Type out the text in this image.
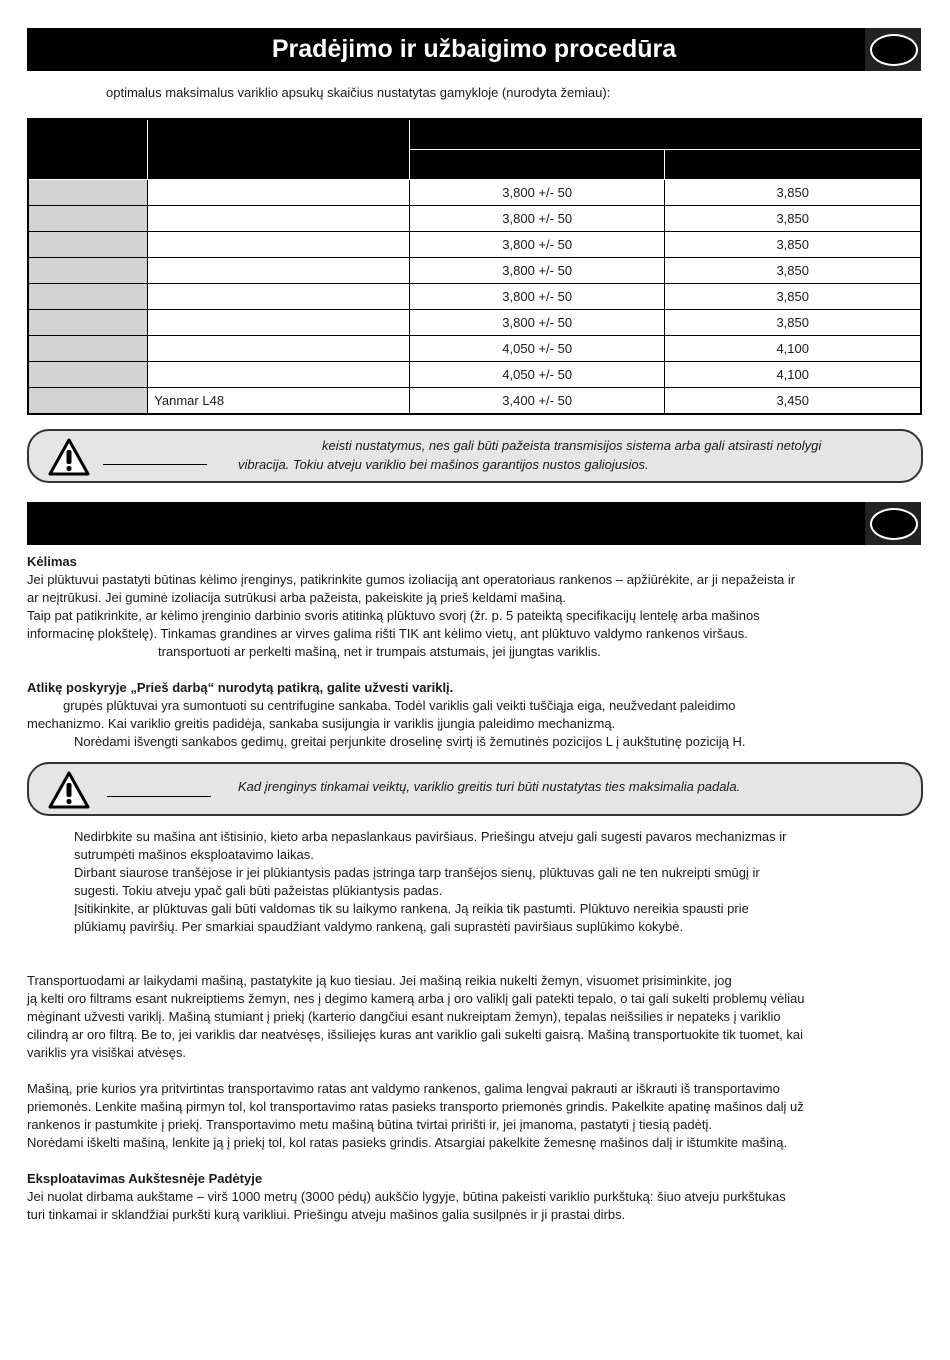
Pradėjimo ir užbaigimo procedūra
optimalus maksimalus variklio apsukų skaičius nustatytas gamykloje (nurodyta žemiau):

		3,800 +/- 50	3,850
		3,800 +/- 50	3,850
		3,800 +/- 50	3,850
		3,800 +/- 50	3,850
		3,800 +/- 50	3,850
		3,800 +/- 50	3,850
		4,050 +/- 50	4,100
		4,050 +/- 50	4,100
	Yanmar L48	3,400 +/- 50	3,450
keisti nustatymus, nes gali būti pažeista transmisijos sistema arba gali atsirasti netolygi
vibracija. Tokiu atveju variklio bei mašinos garantijos nustos galiojusios.
Kėlimas
Jei plūktuvui pastatyti būtinas kėlimo įrenginys, patikrinkite gumos izoliaciją ant operatoriaus rankenos – apžiūrėkite, ar ji nepažeista ir
ar neįtrūkusi. Jei guminė izoliacija sutrūkusi arba pažeista, pakeiskite ją prieš keldami mašiną.
Taip pat patikrinkite, ar kėlimo įrenginio darbinio svoris atitinką plūktuvo svorį (žr. p. 5 pateiktą specifikacijų lentelę arba mašinos
informacinę plokštelę). Tinkamas grandines ar virves galima rišti TIK ant kėlimo vietų, ant plūktuvo valdymo rankenos viršaus.
transportuoti ar perkelti mašiną, net ir trumpais atstumais, jei įjungtas variklis.
Atlikę poskyryje „Prieš darbą“ nurodytą patikrą, galite užvesti variklį.
grupės plūktuvai yra sumontuoti su centrifugine sankaba. Todėl variklis gali veikti tuščiąja eiga, neužvedant paleidimo
mechanizmo. Kai variklio greitis padidėja, sankaba susijungia ir variklis įjungia paleidimo mechanizmą.
Norėdami išvengti sankabos gedimų, greitai perjunkite droselinę svirtį iš žemutinės pozicijos L į aukštutinę poziciją H.
Kad įrenginys tinkamai veiktų, variklio greitis turi būti nustatytas ties maksimalia padala.
Nedirbkite su mašina ant ištisinio, kieto arba nepaslankaus paviršiaus. Priešingu atveju gali sugesti pavaros mechanizmas ir
sutrumpėti mašinos eksploatavimo laikas.
Dirbant siaurose tranšėjose ir jei plūkiantysis padas įstringa tarp tranšėjos sienų, plūktuvas gali ne ten nukreipti smūgį ir
sugesti. Tokiu atveju ypač gali būti pažeistas plūkiantysis padas.
Įsitikinkite, ar plūktuvas gali būti valdomas tik su laikymo rankena. Ją reikia tik pastumti. Plūktuvo nereikia spausti prie
plūkiamų paviršių. Per smarkiai spaudžiant valdymo rankeną, gali suprastėti paviršiaus suplūkimo kokybė.
Transportuodami ar laikydami mašiną, pastatykite ją kuo tiesiau. Jei mašiną reikia nukelti žemyn, visuomet prisiminkite, jog
ją kelti oro filtrams esant nukreiptiems žemyn, nes į degimo kamerą arba į oro valiklį gali patekti tepalo, o tai gali sukelti problemų vėliau
mėginant užvesti variklį. Mašiną stumiant į priekį (karterio dangčiui esant nukreiptam žemyn), tepalas neišsilies ir nepateks į variklio
cilindrą ar oro filtrą. Be to, jei variklis dar neatvėsęs, išsiliejęs kuras ant variklio gali sukelti gaisrą. Mašiną transportuokite tik tuomet, kai
variklis yra visiškai atvėsęs.
Mašiną, prie kurios yra pritvirtintas transportavimo ratas ant valdymo rankenos, galima lengvai pakrauti ar iškrauti iš transportavimo
priemonės. Lenkite mašiną pirmyn tol, kol transportavimo ratas pasieks transporto priemonės grindis. Pakelkite apatinę mašinos dalį už
rankenos ir pastumkite į priekį. Transportavimo metu mašiną būtina tvirtai pririšti ir, jei įmanoma, pastatyti į tiesią padėtį.
Norėdami iškelti mašiną, lenkite ją į priekį tol, kol ratas pasieks grindis. Atsargiai pakelkite žemesnę mašinos dalį ir ištumkite mašiną.
Eksploatavimas Aukštesnėje Padėtyje
Jei nuolat dirbama aukštame – virš 1000 metrų (3000 pėdų) aukščio lygyje, būtina pakeisti variklio purkštuką: šiuo atveju purkštukas
turi tinkamai ir sklandžiai purkšti kurą varikliui. Priešingu atveju mašinos galia susilpnės ir ji prastai dirbs.
